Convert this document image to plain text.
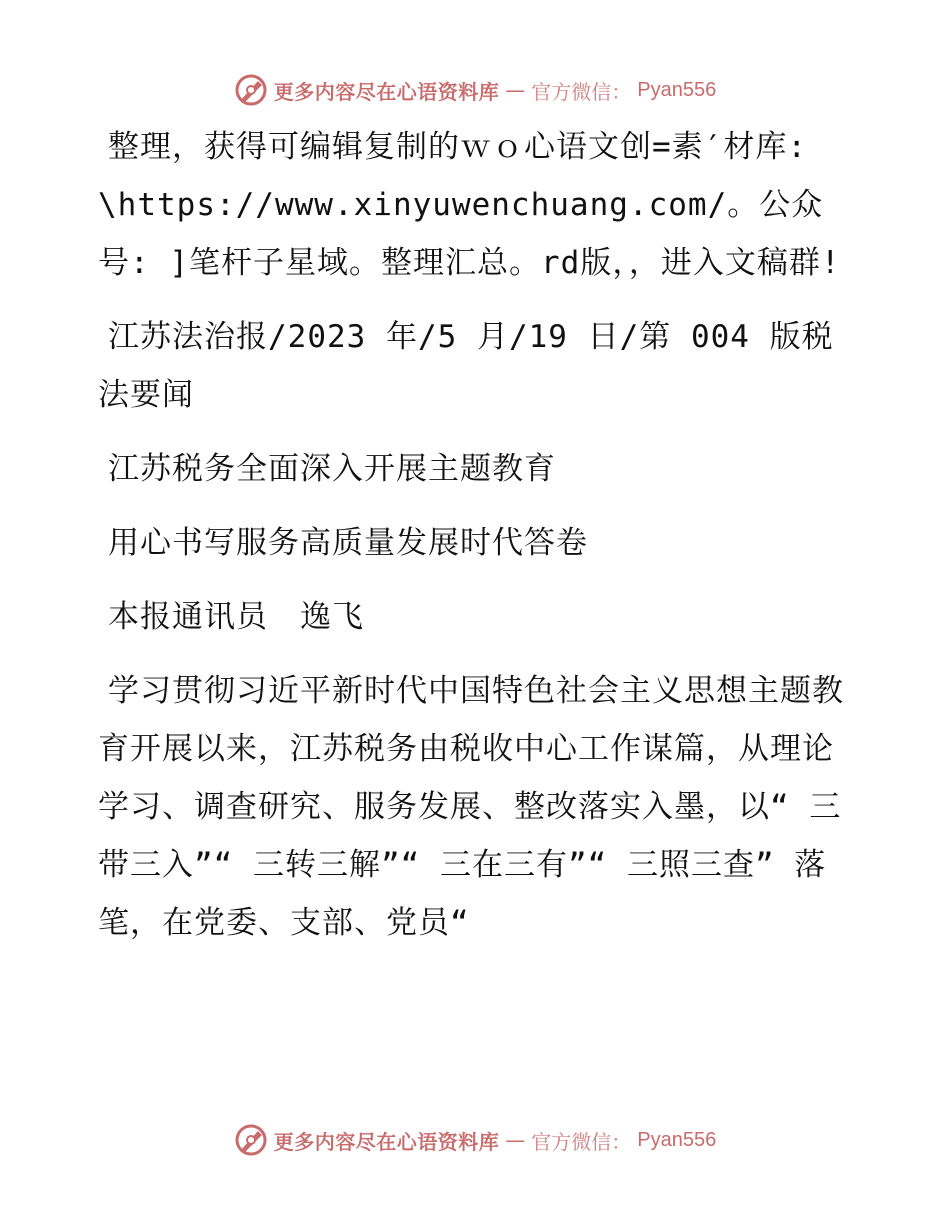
更多内容尽在心语资料库 — 官方微信： Pyan556

整理，获得可编辑复制的ｗｏ心语文创=素′材库: \https://www.xinyuwenchuang.com/。公众号: ]笔杆子星域。整理汇总。rd版，，进入文稿群!

江苏法治报/2023 年/5 月/19 日/第 004 版税法要闻

江苏税务全面深入开展主题教育

用心书写服务高质量发展时代答卷

本报通讯员　逸飞

学习贯彻习近平新时代中国特色社会主义思想主题教育开展以来，江苏税务由税收中心工作谋篇，从理论学习、调查研究、服务发展、整改落实入墨，以“ 三带三入”“ 三转三解”“ 三在三有”“ 三照三查” 落笔，在党委、支部、党员“

更多内容尽在心语资料库 — 官方微信： Pyan556
